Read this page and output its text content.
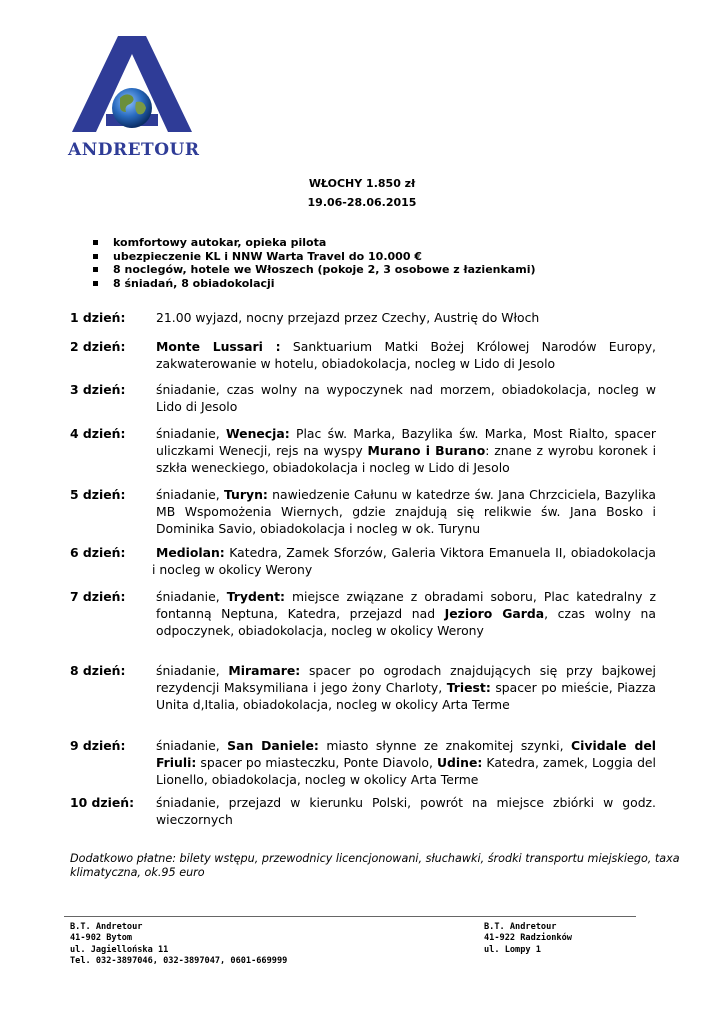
ANDRETOUR
WŁOCHY 1.850 zł
19.06-28.06.2015
komfortowy autokar, opieka pilota
ubezpieczenie KL i NNW Warta Travel do 10.000 €
8 noclegów, hotele we Włoszech (pokoje 2, 3 osobowe z łazienkami)
8 śniadań, 8 obiadokolacji
1 dzień: 21.00 wyjazd, nocny przejazd przez Czechy, Austrię do Włoch
2 dzień: Monte Lussari : Sanktuarium Matki Bożej Królowej Narodów Europy, zakwaterowanie w hotelu, obiadokolacja, nocleg w Lido di Jesolo
3 dzień: śniadanie, czas wolny na wypoczynek nad morzem, obiadokolacja, nocleg w Lido di Jesolo
4 dzień: śniadanie, Wenecja: Plac św. Marka, Bazylika św. Marka, Most Rialto, spacer uliczkami Wenecji, rejs na wyspy Murano i Burano: znane z wyrobu koronek i szkła weneckiego, obiadokolacja i nocleg w Lido di Jesolo
5 dzień: śniadanie, Turyn: nawiedzenie Całunu w katedrze św. Jana Chrzciciela, Bazylika MB Wspomożenia Wiernych, gdzie znajdują się relikwie św. Jana Bosko i Dominika Savio, obiadokolacja i nocleg w ok. Turynu
6 dzień:	Mediolan: Katedra, Zamek Sforzów, Galeria Viktora Emanuela II, obiadokolacja i nocleg w okolicy Werony
7 dzień: śniadanie, Trydent: miejsce związane z obradami soboru, Plac katedralny z fontanną Neptuna, Katedra, przejazd nad Jezioro Garda, czas wolny na odpoczynek, obiadokolacja, nocleg w okolicy Werony
8 dzień: śniadanie, Miramare: spacer po ogrodach znajdujących się przy bajkowej rezydencji Maksymiliana i jego żony Charloty, Triest: spacer po mieście, Piazza Unita d,Italia, obiadokolacja, nocleg w okolicy Arta Terme
9 dzień: śniadanie, San Daniele: miasto słynne ze znakomitej szynki, Cividale del Friuli: spacer po miasteczku, Ponte Diavolo, Udine: Katedra, zamek, Loggia del Lionello, obiadokolacja, nocleg w okolicy Arta Terme
10 dzień: śniadanie, przejazd w kierunku Polski, powrót na miejsce zbiórki w godz. wieczornych
Dodatkowo płatne: bilety wstępu, przewodnicy licencjonowani, słuchawki, środki transportu miejskiego, taxa klimatyczna, ok.95 euro
B.T. Andretour
41-902 Bytom
ul. Jagiellońska 11
Tel. 032-3897046, 032-3897047, 0601-669999
B.T. Andretour
41-922 Radzionków
ul. Lompy 1
